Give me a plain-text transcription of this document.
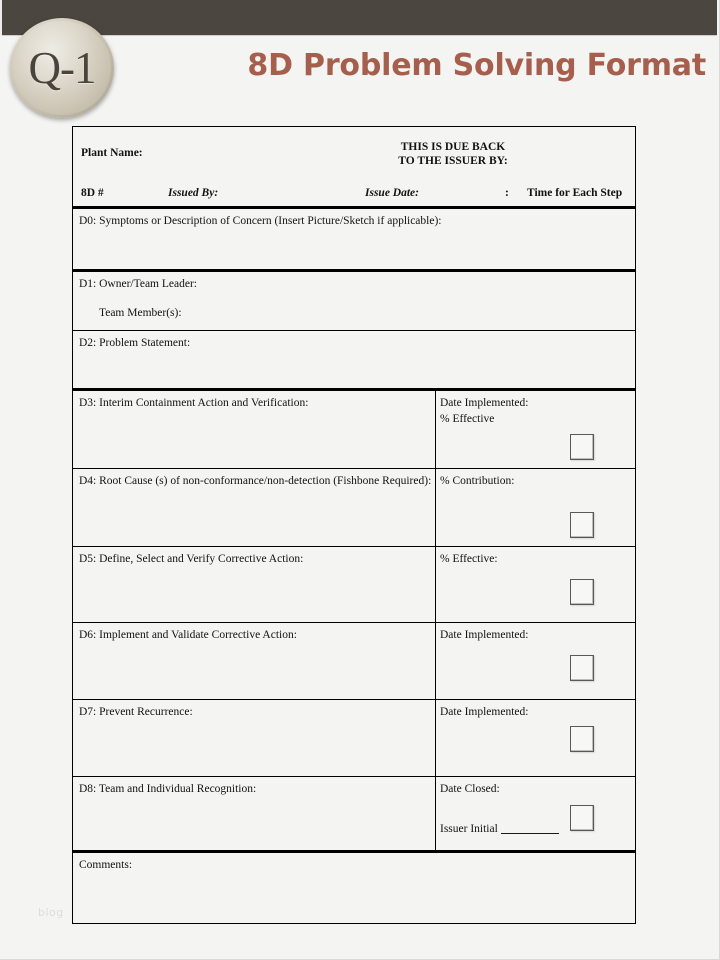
Q-1	8D Problem Solving Format
blog
Plant Name:	THIS IS DUE BACK
TO THE ISSUER BY:
8D #	Issued By:	Issue Date:	: Time for Each Step
D0: Symptoms or Description of Concern (Insert Picture/Sketch if applicable):
D1: Owner/Team Leader:
Team Member(s):
D2: Problem Statement:
D3: Interim Containment Action and Verification:	Date Implemented:
% Effective
D4: Root Cause (s) of non-conformance/non-detection (Fishbone Required): % Contribution:
D5: Define, Select and Verify Corrective Action:	% Effective:
D6: Implement and Validate Corrective Action:	Date Implemented:
D7: Prevent Recurrence:	Date Implemented:
D8: Team and Individual Recognition:	Date Closed:
Issuer Initial
Comments:
